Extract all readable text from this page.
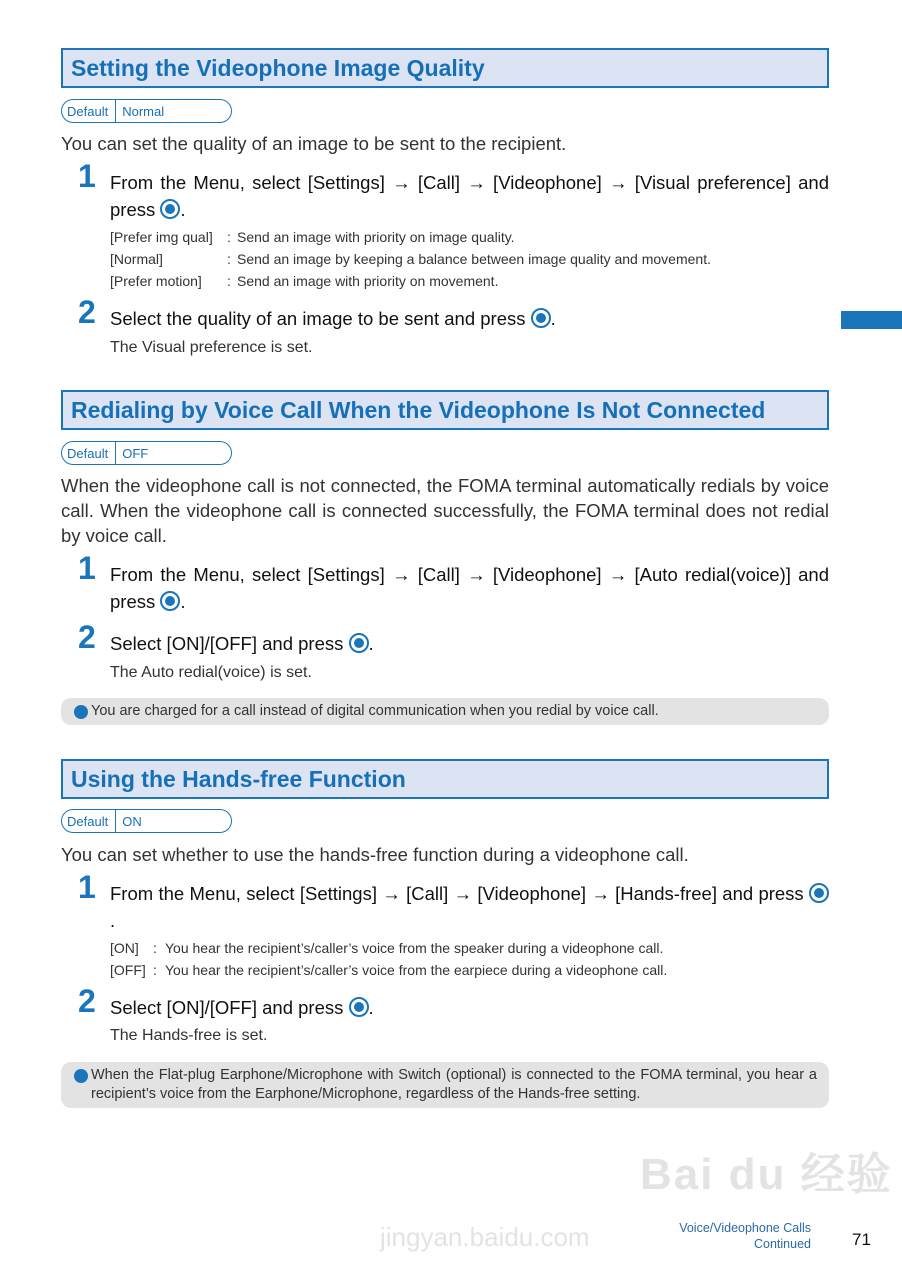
Setting the Videophone Image Quality
Default	Normal
You can set the quality of an image to be sent to the recipient.
1 From the Menu, select [Settings] → [Call] → [Videophone] → [Visual preference] and press .
[Prefer img qual]	: Send an image with priority on image quality.
[Normal]	: Send an image by keeping a balance between image quality and movement.
[Prefer motion]	: Send an image with priority on movement.
2 Select the quality of an image to be sent and press .
The Visual preference is set.
Redialing by Voice Call When the Videophone Is Not Connected
Default	OFF
When the videophone call is not connected, the FOMA terminal automatically redials by voice call. When the videophone call is connected successfully, the FOMA terminal does not redial by voice call.
1 From the Menu, select [Settings] → [Call] → [Videophone] → [Auto redial(voice)] and press .
2 Select [ON]/[OFF] and press .
The Auto redial(voice) is set.
You are charged for a call instead of digital communication when you redial by voice call.
Using the Hands-free Function
Default	ON
You can set whether to use the hands-free function during a videophone call.
1 From the Menu, select [Settings] → [Call] → [Videophone] → [Hands-free] and press .
[ON]	: You hear the recipient’s/caller’s voice from the speaker during a videophone call.
[OFF] : You hear the recipient’s/caller’s voice from the earpiece during a videophone call.
2 Select [ON]/[OFF] and press .
The Hands-free is set.
When the Flat-plug Earphone/Microphone with Switch (optional) is connected to the FOMA terminal, you hear a recipient’s voice from the Earphone/Microphone, regardless of the Hands-free setting.
Bai du 经验
jingyan.baidu.com	Voice/Videophone Calls
Continued 71
